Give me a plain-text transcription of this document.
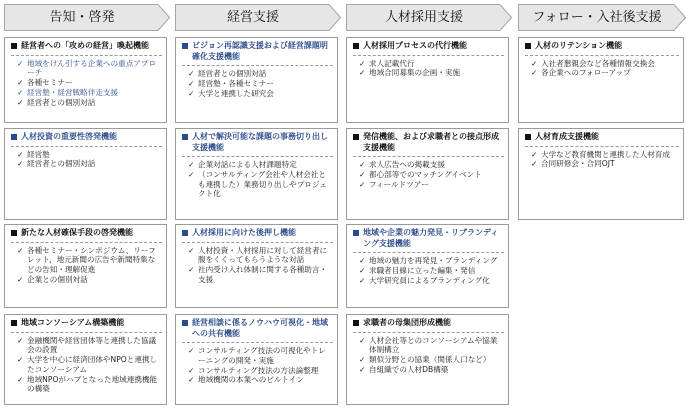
告知・啓発	経営支援	人材採用支援	フォロー・入社後支援
経営者への「攻めの経営」喚起機能
✓ 地域をけん引する企業への重点アプローチ
✓ 各種セミナー
✓ 経営塾・経営戦略伴走支援
✓ 経営者との個別対話
人材投資の重要性啓発機能
✓ 経営塾
✓ 経営者との個別対話
新たな人材確保手段の啓発機能
✓ 各種セミナー・シンポジウム、リーフレット、地元新聞の広告や新聞特集などの告知・理解促進
✓ 企業との個別対話
地域コンソーシアム構築機能
✓ 金融機関や経営団体等と連携した協議会の設置
✓ 大学を中心に経済団体やNPOと連携したコンソーシアム
✓ 地域NPOがハブとなった地域連携機能の構築
ビジョン再認識支援および経営課題明確化支援機能
✓ 経営者との個別対話
✓ 経営塾・各種セミナー
✓ 大学と連携した研究会
人材で解決可能な課題の事務切り出し支援機能
✓ 企業対話による人材課題特定
✓ （コンサルティング会社や人材会社とも連携した）業務切り出しやプロジェクト化
人材採用に向けた後押し機能
✓ 人材投資・人材採用に対して経営者に腹をくくってもらうような対話
✓ 社内受け入れ体制に関する各種助言・支援
経営相談に係るノウハウ可視化・地域への共有機能
✓ コンサルティング技法の可視化やトレーニングの開発・実施
✓ コンサルティング技法の方法論整理
✓ 地域機関の本業へのビルトイン
人材採用プロセスの代行機能
✓ 求人記載代行
✓ 地域合同募集の企画・実施
発信機能、および求職者との接点形成支援機能
✓ 求人広告への掲載支援
✓ 都心部等でのマッチングイベント
✓ フィールドツアー
地域や企業の魅力発見・リブランディング支援機能
✓ 地域の魅力を再発見・ブランディング
✓ 求職者目線に立った編集・発信
✓ 大学研究員によるブランディング化
求職者の母集団形成機能
✓ 人材会社等とのコンソーシアムや協業体制構立
✓ 類似分野との協業（関係人口など）
✓ 自組織での人材DB構築
人材のリテンション機能
✓ 入社者懇親会など各種情報交換会
✓ 各企業へのフォローアップ
人材育成支援機能
✓ 大学など教育機関と連携した人材育成
✓ 合同研修会・合同OJT
